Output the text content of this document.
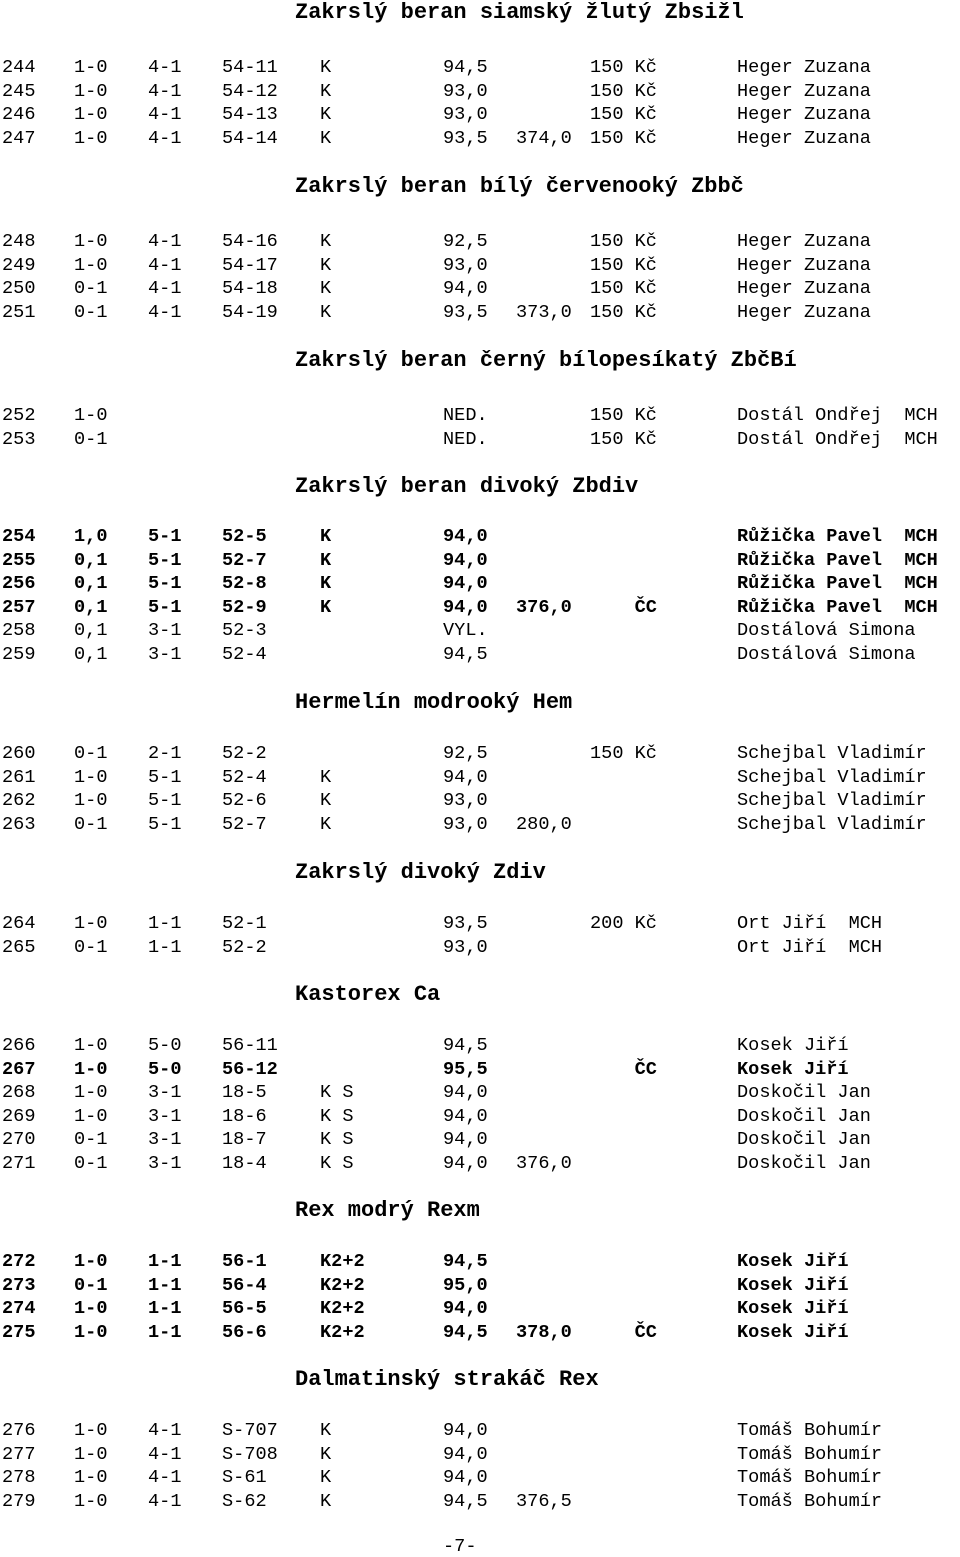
Zakrslý beran siamský žlutý Zbsižl
244 1-0 4-1 54-11 K	94,5	150 Kč	Heger Zuzana
245 1-0 4-1 54-12 K	93,0	150 Kč	Heger Zuzana
246 1-0 4-1 54-13 K	93,0	150 Kč	Heger Zuzana
247 1-0 4-1 54-14 K	93,5 374,0 150 Kč	Heger Zuzana
Zakrslý beran bílý červenooký Zbbč
248 1-0 4-1 54-16 K	92,5	150 Kč	Heger Zuzana
249 1-0 4-1 54-17 K	93,0	150 Kč	Heger Zuzana
250 0-1 4-1 54-18 K	94,0	150 Kč	Heger Zuzana
251 0-1 4-1 54-19 K	93,5 373,0 150 Kč	Heger Zuzana
Zakrslý beran černý bílopesíkatý ZbčBí
252 1-0	NED.	150 Kč	Dostál Ondřej  MCH
253 0-1	NED.	150 Kč	Dostál Ondřej  MCH
Zakrslý beran divoký Zbdiv
254 1,0 5-1 52-5	K	94,0	Růžička Pavel  MCH
255 0,1 5-1 52-7	K	94,0	Růžička Pavel  MCH
256 0,1 5-1 52-8	K	94,0	Růžička Pavel  MCH
257 0,1 5-1 52-9	K	94,0 376,0 ČC	Růžička Pavel  MCH
258 0,1 3-1 52-3	VYL.	Dostálová Simona
259 0,1 3-1 52-4	94,5	Dostálová Simona
Hermelín modrooký Hem
260 0-1 2-1 52-2	92,5	150 Kč	Schejbal Vladimír
261 1-0 5-1 52-4	K	94,0	Schejbal Vladimír
262 1-0 5-1 52-6	K	93,0	Schejbal Vladimír
263 0-1 5-1 52-7	K	93,0 280,0	Schejbal Vladimír
Zakrslý divoký Zdiv
264 1-0 1-1 52-1	93,5	200 Kč	Ort Jiří  MCH
265 0-1 1-1 52-2	93,0	Ort Jiří  MCH
Kastorex Ca
266 1-0 5-0 56-11	94,5	Kosek Jiří
267 1-0 5-0 56-12	95,5	ČC	Kosek Jiří
268 1-0 3-1 18-5	K S	94,0	Doskočil Jan
269 1-0 3-1 18-6	K S	94,0	Doskočil Jan
270 0-1 3-1 18-7	K S	94,0	Doskočil Jan
271 0-1 3-1 18-4	K S	94,0 376,0	Doskočil Jan
Rex modrý Rexm
272 1-0 1-1 56-1	K2+2	94,5	Kosek Jiří
273 0-1 1-1 56-4	K2+2	95,0	Kosek Jiří
274 1-0 1-1 56-5	K2+2	94,0	Kosek Jiří
275 1-0 1-1 56-6	K2+2	94,5 378,0 ČC	Kosek Jiří
Dalmatinský strakáč Rex
276 1-0 4-1 S-707 K	94,0	Tomáš Bohumír
277 1-0 4-1 S-708 K	94,0	Tomáš Bohumír
278 1-0 4-1 S-61	K	94,0	Tomáš Bohumír
279 1-0 4-1 S-62	K	94,5 376,5	Tomáš Bohumír

-7-
